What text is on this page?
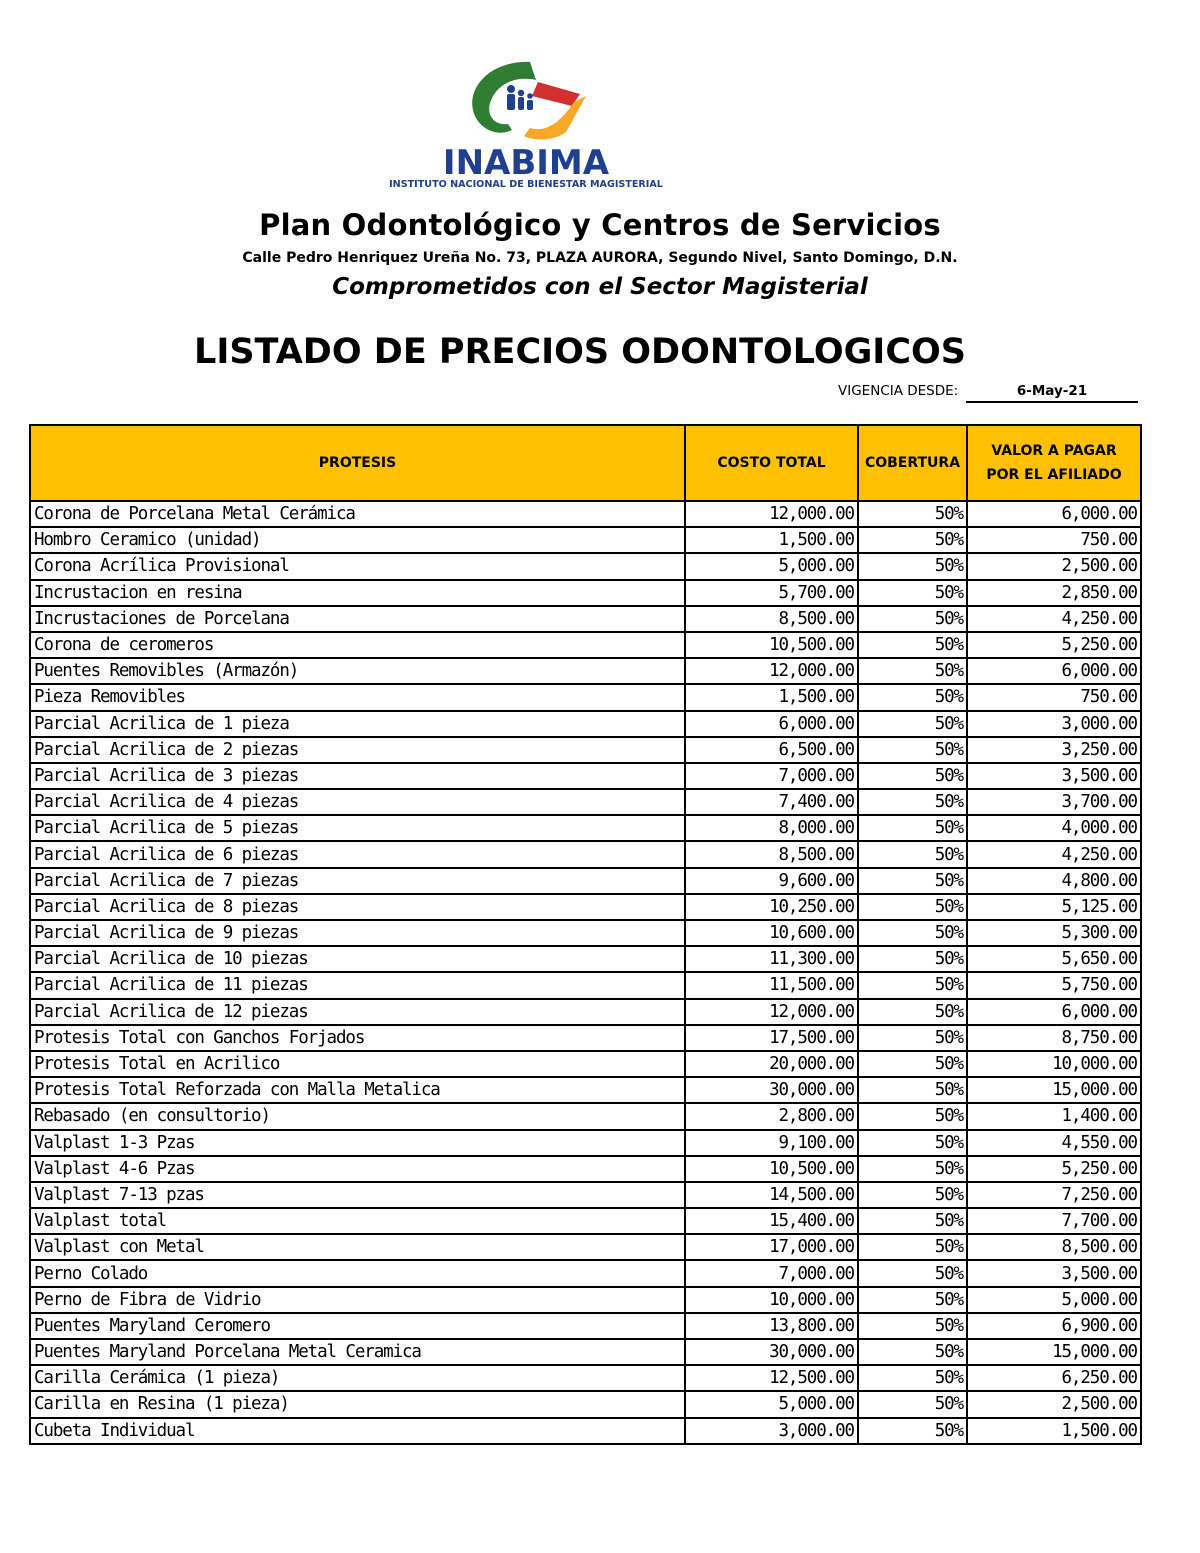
INABIMA
INSTITUTO NACIONAL DE BIENESTAR MAGISTERIAL
Plan Odontológico y Centros de Servicios
Calle Pedro Henriquez Ureña No. 73, PLAZA AURORA, Segundo Nivel, Santo Domingo, D.N.
Comprometidos con el Sector Magisterial
LISTADO DE PRECIOS ODONTOLOGICOS
VIGENCIA DESDE:	6-May-21
PROTESIS	COSTO TOTAL	COBERTURA	VALOR A PAGAR POR EL AFILIADO
Corona de Porcelana Metal Cerámica	12,000.00	50%	6,000.00
Hombro Ceramico (unidad)	1,500.00	50%	750.00
Corona Acrílica Provisional	5,000.00	50%	2,500.00
Incrustacion en resina	5,700.00	50%	2,850.00
Incrustaciones de Porcelana	8,500.00	50%	4,250.00
Corona de ceromeros	10,500.00	50%	5,250.00
Puentes Removibles (Armazón)	12,000.00	50%	6,000.00
Pieza Removibles	1,500.00	50%	750.00
Parcial Acrilica de 1 pieza	6,000.00	50%	3,000.00
Parcial Acrilica de 2 piezas	6,500.00	50%	3,250.00
Parcial Acrilica de 3 piezas	7,000.00	50%	3,500.00
Parcial Acrilica de 4 piezas	7,400.00	50%	3,700.00
Parcial Acrilica de 5 piezas	8,000.00	50%	4,000.00
Parcial Acrilica de 6 piezas	8,500.00	50%	4,250.00
Parcial Acrilica de 7 piezas	9,600.00	50%	4,800.00
Parcial Acrilica de 8 piezas	10,250.00	50%	5,125.00
Parcial Acrilica de 9 piezas	10,600.00	50%	5,300.00
Parcial Acrilica de 10 piezas	11,300.00	50%	5,650.00
Parcial Acrilica de 11 piezas	11,500.00	50%	5,750.00
Parcial Acrilica de 12 piezas	12,000.00	50%	6,000.00
Protesis Total con Ganchos Forjados	17,500.00	50%	8,750.00
Protesis Total en Acrilico	20,000.00	50%	10,000.00
Protesis Total Reforzada con Malla Metalica	30,000.00	50%	15,000.00
Rebasado (en consultorio)	2,800.00	50%	1,400.00
Valplast 1-3 Pzas	9,100.00	50%	4,550.00
Valplast 4-6 Pzas	10,500.00	50%	5,250.00
Valplast 7-13 pzas	14,500.00	50%	7,250.00
Valplast total	15,400.00	50%	7,700.00
Valplast con Metal	17,000.00	50%	8,500.00
Perno Colado	7,000.00	50%	3,500.00
Perno de Fibra de Vidrio	10,000.00	50%	5,000.00
Puentes Maryland Ceromero	13,800.00	50%	6,900.00
Puentes Maryland Porcelana Metal Ceramica	30,000.00	50%	15,000.00
Carilla Cerámica (1 pieza)	12,500.00	50%	6,250.00
Carilla en Resina (1 pieza)	5,000.00	50%	2,500.00
Cubeta Individual	3,000.00	50%	1,500.00
